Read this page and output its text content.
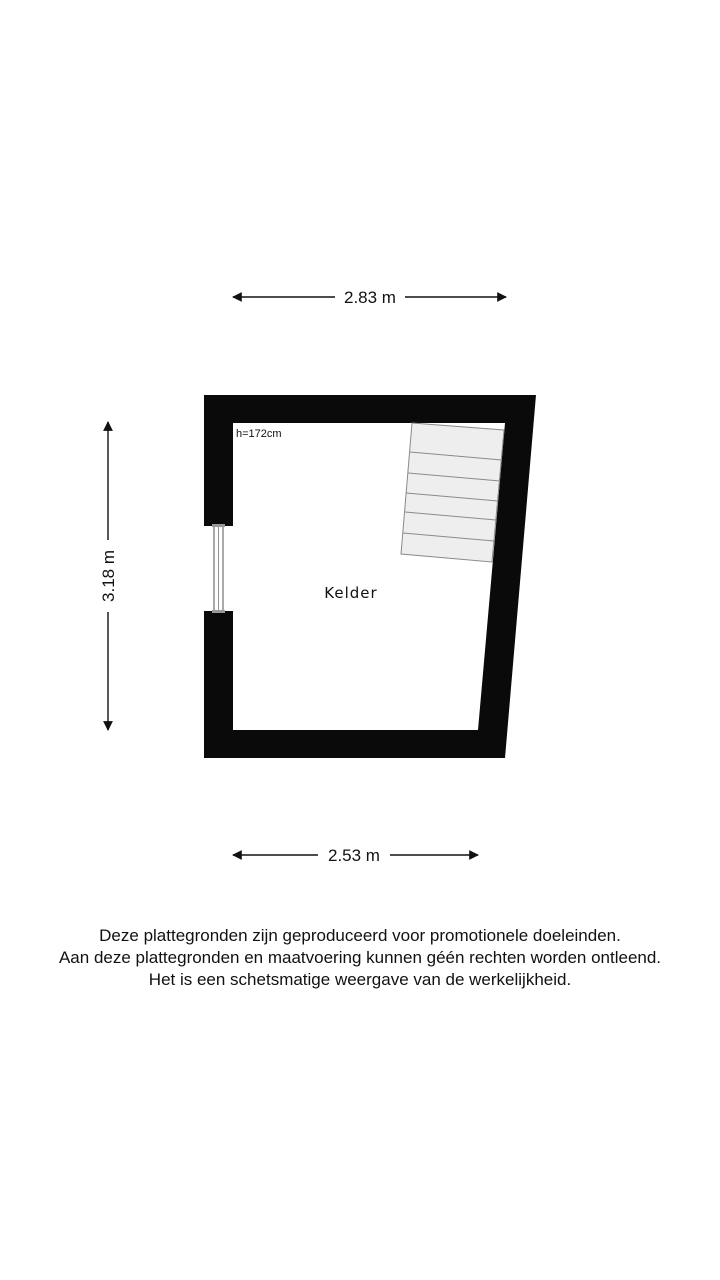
2.83 m
3.18 m
2.53 m
h=172cm
Kelder
Deze plattegronden zijn geproduceerd voor promotionele doeleinden.
Aan deze plattegronden en maatvoering kunnen géén rechten worden ontleend.
Het is een schetsmatige weergave van de werkelijkheid.
